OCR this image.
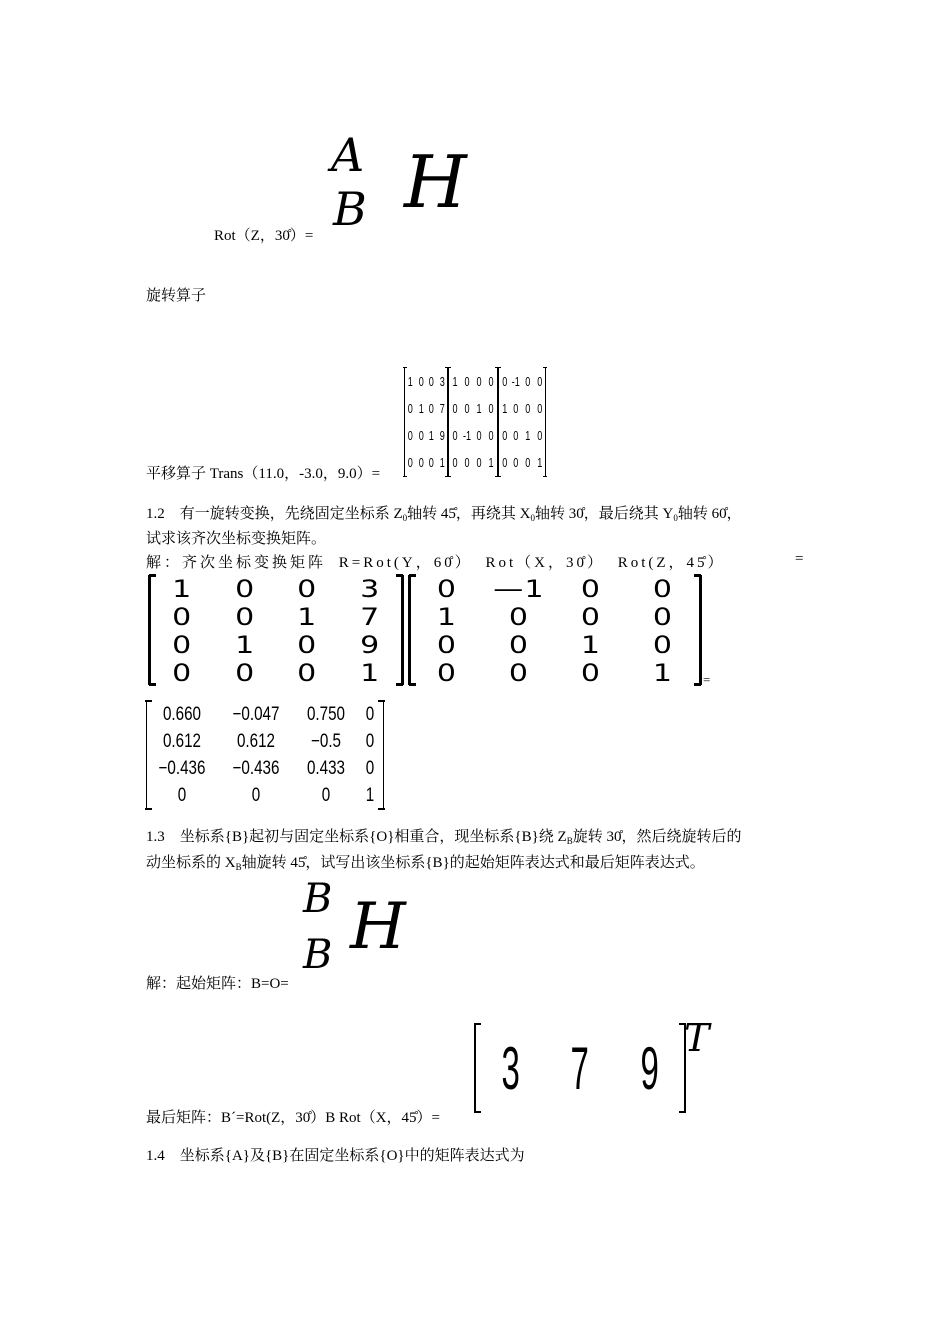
Rot（Z，30̊）=
A
B H
旋转算子
平移算子 Trans（11.0，-3.0，9.0）=
1 0 0 3
0 1 0 7
0 0 1 9
0 0 0 1
1 0 0 0
0 0 1 0
0 -1 0 0
0 0 0 1
0 -1 0 0
1 0 0 0
0 0 1 0
0 0 0 1
1.2　有一旋转变换，先绕固定坐标系 $Z_0$轴转 45̊，再绕其 $X_0$轴转 30̊，最后绕其 $Y_0$轴转 60̊，
试求该齐次坐标变换矩阵。
解：齐次坐标变换矩阵 R=Rot(Y，60̊） Rot（X，30̊） Rot(Z，45̊）	=
1	0	0	3
0	0	1	7
0	1	0	9
0	0	0	1
0	—1	0	0
1	0	0	0
0	0	1	0
0	0	0	1	=
0.660	−0.047	0.750	0
0.612	0.612	−0.5	0
−0.436	−0.436	0.433	0
0	0	0	1
1.3　坐标系{B}起初与固定坐标系{O}相重合，现坐标系{B}绕 $Z_B$旋转 30̊，然后绕旋转后的
动坐标系的 $X_B$轴旋转 45̊，试写出该坐标系{B}的起始矩阵表达式和最后矩阵表达式。
解：起始矩阵：B=O=
B
B H
最后矩阵：B´=Rot(Z，30̊）B Rot（X，45̊）=
3 7 9 T
1.4　坐标系{A}及{B}在固定坐标系{O}中的矩阵表达式为
